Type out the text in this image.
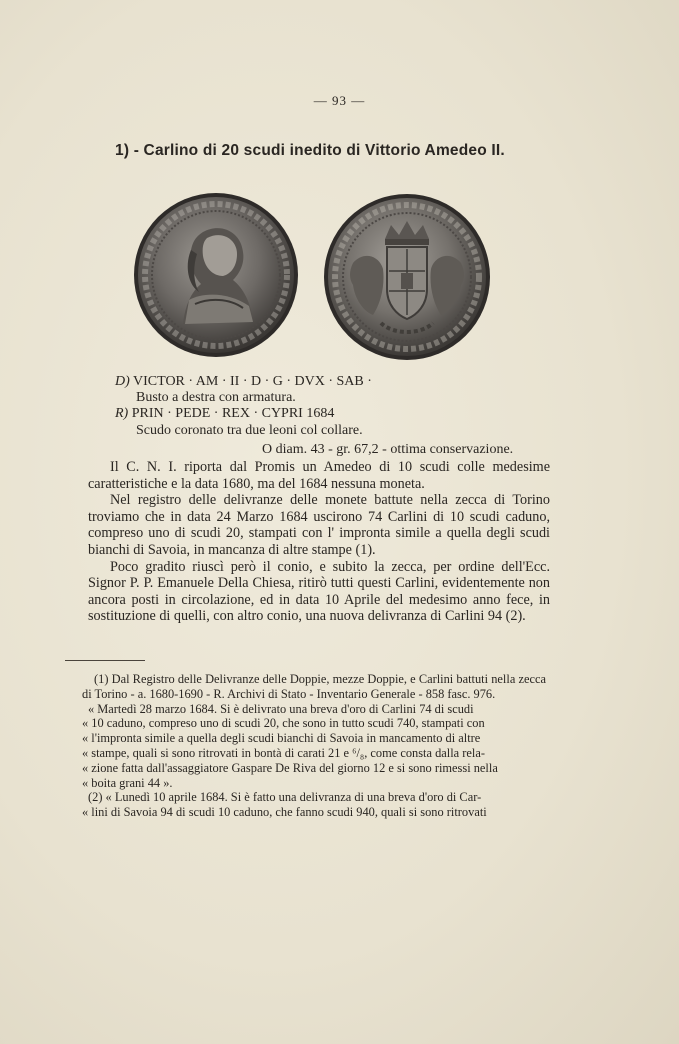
— 93 —
1) - Carlino di 20 scudi inedito di Vittorio Amedeo II.
D) VICTOR · AM · II · D · G · DVX · SAB ·
Busto a destra con armatura.
R) PRIN · PEDE · REX · CYPRI 1684
Scudo coronato tra due leoni col collare.
O diam. 43 - gr. 67,2 - ottima conservazione.

Il C. N. I. riporta dal Promis un Amedeo di 10 scudi colle medesime caratteristiche e la data 1680, ma del 1684 nessuna moneta.

Nel registro delle delivranze delle monete battute nella zecca di Torino troviamo che in data 24 Marzo 1684 uscirono 74 Carlini di 10 scudi caduno, compreso uno di scudi 20, stampati con l' impronta simile a quella degli scudi bianchi di Savoia, in mancanza di altre stampe (1).

Poco gradito riuscì però il conio, e subito la zecca, per ordine dell'Ecc. Signor P. P. Emanuele Della Chiesa, ritirò tutti questi Carlini, evidentemente non ancora posti in circolazione, ed in data 10 Aprile del medesimo anno fece, in sostituzione di quelli, con altro conio, una nuova delivranza di Carlini 94 (2).

(1) Dal Registro delle Delivranze delle Doppie, mezze Doppie, e Carlini battuti nella zecca di Torino - a. 1680-1690 - R. Archivi di Stato - Inventario Generale - 858 fasc. 976.

« Martedì 28 marzo 1684. Si è delivrato una breva d'oro di Carlini 74 di scudi

« 10 caduno, compreso uno di scudi 20, che sono in tutto scudi 740, stampati con

« l'impronta simile a quella degli scudi bianchi di Savoia in mancamento di altre

« stampe, quali si sono ritrovati in bontà di carati 21 e ⁶/₈, come consta dalla rela-

« zione fatta dall'assaggiatore Gaspare De Riva del giorno 12 e si sono rimessi nella

« boita grani 44 ».

(2) « Lunedì 10 aprile 1684. Si è fatto una delivranza di una breva d'oro di Car-

« lini di Savoia 94 di scudi 10 caduno, che fanno scudi 940, quali si sono ritrovati
